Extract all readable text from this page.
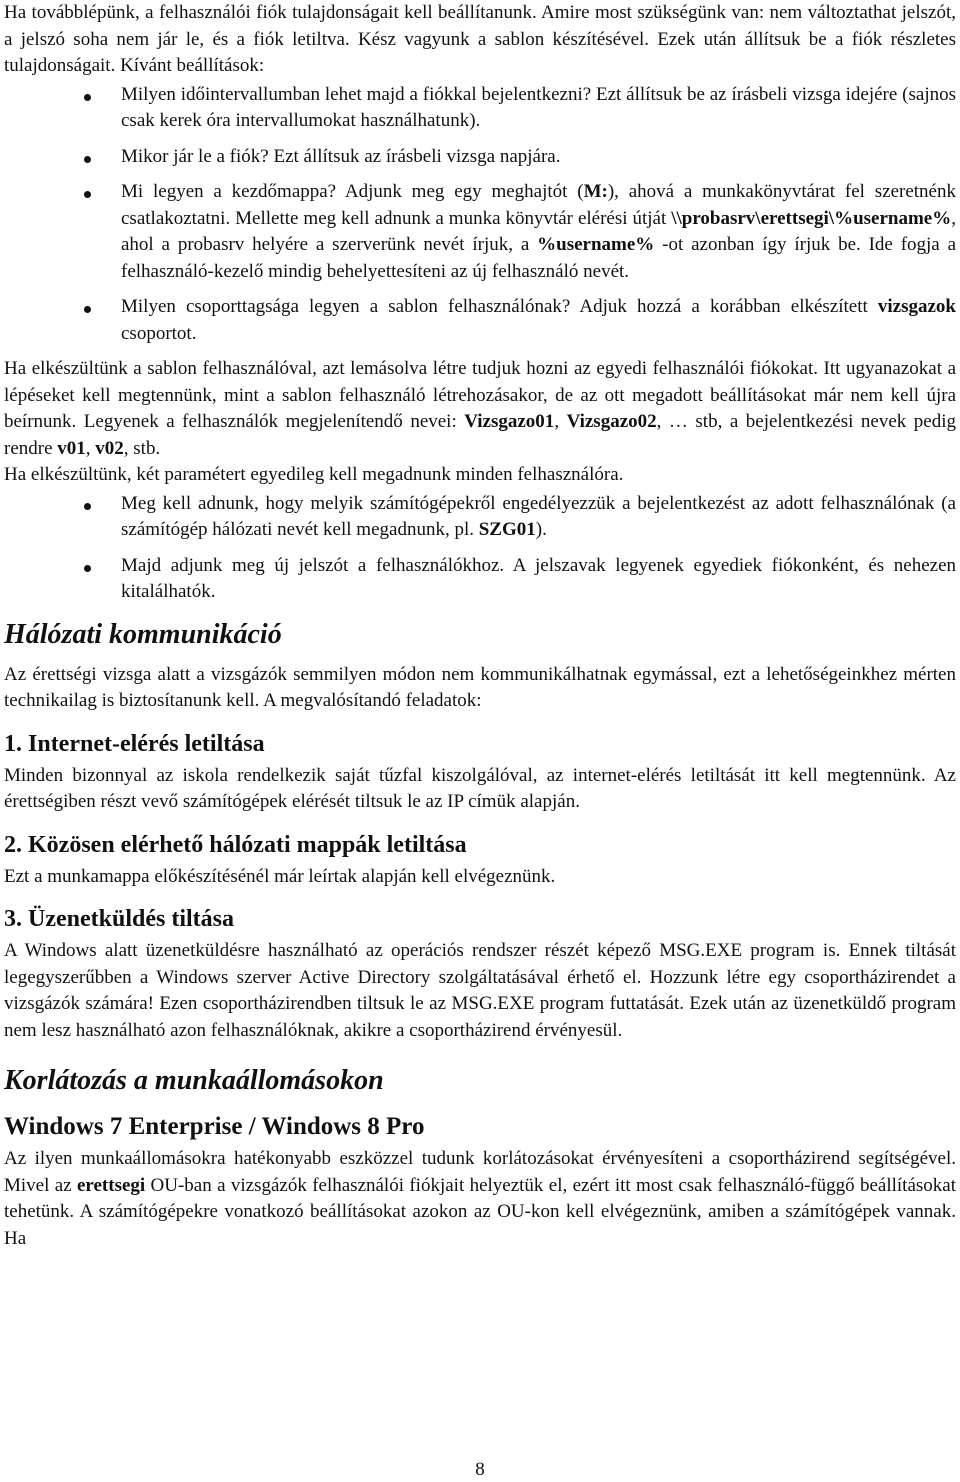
Ha továbblépünk, a felhasználói fiók tulajdonságait kell beállítanunk. Amire most szükségünk van: nem változtathat jelszót, a jelszó soha nem jár le, és a fiók letiltva. Kész vagyunk a sablon készítésével. Ezek után állítsuk be a fiók részletes tulajdonságait. Kívánt beállítások:

Milyen időintervallumban lehet majd a fiókkal bejelentkezni? Ezt állítsuk be az írásbeli vizsga idejére (sajnos csak kerek óra intervallumokat használhatunk).
Mikor jár le a fiók? Ezt állítsuk az írásbeli vizsga napjára.
Mi legyen a kezdőmappa? Adjunk meg egy meghajtót (M:), ahová a munkakönyvtárat fel szeretnénk csatlakoztatni. Mellette meg kell adnunk a munka könyvtár elérési útját \\probasrv\erettsegi\%username%, ahol a probasrv helyére a szerverünk nevét írjuk, a %username% -ot azonban így írjuk be. Ide fogja a felhasználó-kezelő mindig behelyettesíteni az új felhasználó nevét.
Milyen csoporttagsága legyen a sablon felhasználónak? Adjuk hozzá a korábban elkészített vizsgazok csoportot.

Ha elkészültünk a sablon felhasználóval, azt lemásolva létre tudjuk hozni az egyedi felhasználói fiókokat. Itt ugyanazokat a lépéseket kell megtennünk, mint a sablon felhasználó létrehozásakor, de az ott megadott beállításokat már nem kell újra beírnunk. Legyenek a felhasználók megjelenítendő nevei: Vizsgazo01, Vizsgazo02, … stb, a bejelentkezési nevek pedig rendre v01, v02, stb.

Ha elkészültünk, két paramétert egyedileg kell megadnunk minden felhasználóra.

Meg kell adnunk, hogy melyik számítógépekről engedélyezzük a bejelentkezést az adott felhasználónak (a számítógép hálózati nevét kell megadnunk, pl. SZG01).
Majd adjunk meg új jelszót a felhasználókhoz. A jelszavak legyenek egyediek fiókonként, és nehezen kitalálhatók.
Hálózati kommunikáció

Az érettségi vizsga alatt a vizsgázók semmilyen módon nem kommunikálhatnak egymással, ezt a lehetőségeinkhez mérten technikailag is biztosítanunk kell. A megvalósítandó feladatok:

1. Internet-elérés letiltása

Minden bizonnyal az iskola rendelkezik saját tűzfal kiszolgálóval, az internet-elérés letiltását itt kell megtennünk. Az érettségiben részt vevő számítógépek elérését tiltsuk le az IP címük alapján.

2. Közösen elérhető hálózati mappák letiltása

Ezt a munkamappa előkészítésénél már leírtak alapján kell elvégeznünk.

3. Üzenetküldés tiltása

A Windows alatt üzenetküldésre használható az operációs rendszer részét képező MSG.EXE program is. Ennek tiltását legegyszerűbben a Windows szerver Active Directory szolgáltatásával érhető el. Hozzunk létre egy csoportházirendet a vizsgázók számára! Ezen csoportházirendben tiltsuk le az MSG.EXE program futtatását. Ezek után az üzenetküldő program nem lesz használható azon felhasználóknak, akikre a csoportházirend érvényesül.

Korlátozás a munkaállomásokon
Windows 7 Enterprise / Windows 8 Pro

Az ilyen munkaállomásokra hatékonyabb eszközzel tudunk korlátozásokat érvényesíteni a csoportházirend segítségével. Mivel az erettsegi OU-ban a vizsgázók felhasználói fiókjait helyeztük el, ezért itt most csak felhasználó-függő beállításokat tehetünk. A számítógépekre vonatkozó beállításokat azokon az OU-kon kell elvégeznünk, amiben a számítógépek vannak. Ha

8
